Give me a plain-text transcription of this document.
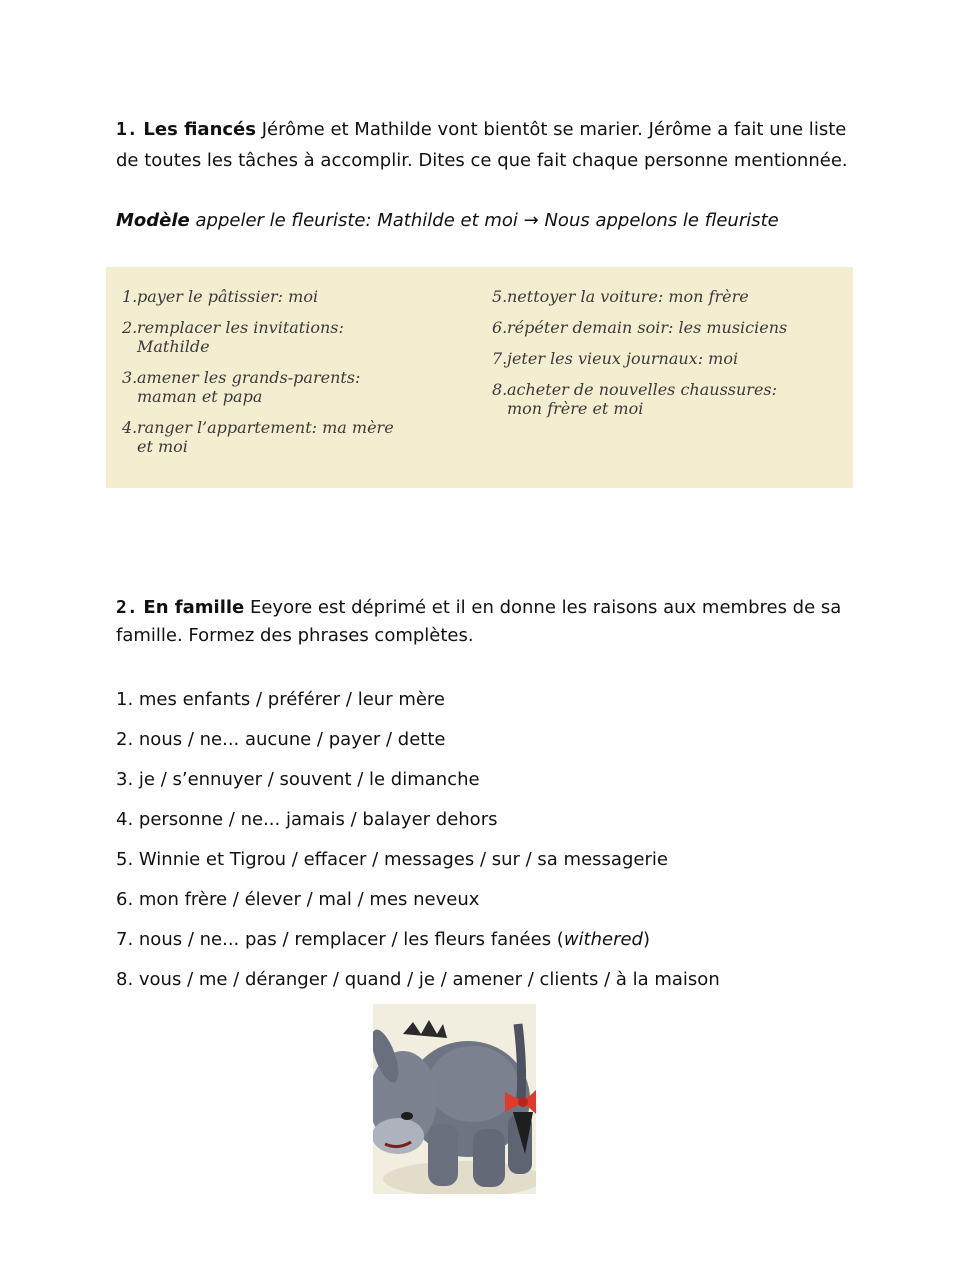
1. Les fiancés Jérôme et Mathilde vont bientôt se marier. Jérôme a fait une liste de toutes les tâches à accomplir. Dites ce que fait chaque personne mentionnée.

Modèle appeler le fleuriste: Mathilde et moi → Nous appelons le fleuriste

1. payer le pâtissier: moi
2. remplacer les invitations:
Mathilde
3. amener les grands-parents:
maman et papa
4. ranger l’appartement: ma mère
et moi
5. nettoyer la voiture: mon frère
6. répéter demain soir: les musiciens
7. jeter les vieux journaux: moi
8. acheter de nouvelles chaussures:
mon frère et moi

2. En famille Eeyore est déprimé et il en donne les raisons aux membres de sa famille. Formez des phrases complètes.

1. mes enfants / préférer / leur mère
2. nous / ne... aucune / payer / dette
3. je / s’ennuyer / souvent / le dimanche
4. personne / ne... jamais / balayer dehors
5. Winnie et Tigrou / effacer / messages / sur / sa messagerie
6. mon frère / élever / mal / mes neveux
7. nous / ne... pas / remplacer / les fleurs fanées (withered)
8. vous / me / déranger / quand / je / amener / clients / à la maison
